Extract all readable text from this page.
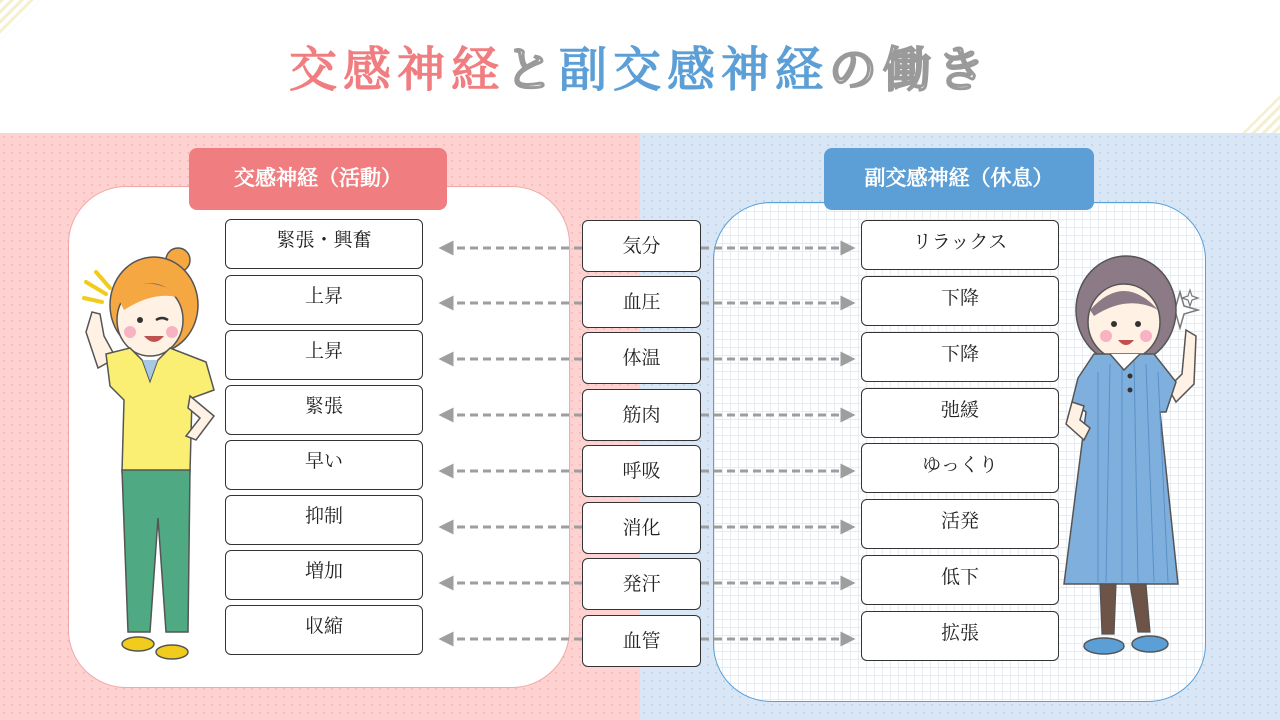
交感神経と副交感神経の働き
交感神経（活動）	副交感神経（休息）
緊張・興奮
上昇
上昇
緊張
早い
抑制
増加
収縮
気分
血圧
体温
筋肉
呼吸
消化
発汗
血管
リラックス
下降
下降
弛緩
ゆっくり
活発
低下
拡張
